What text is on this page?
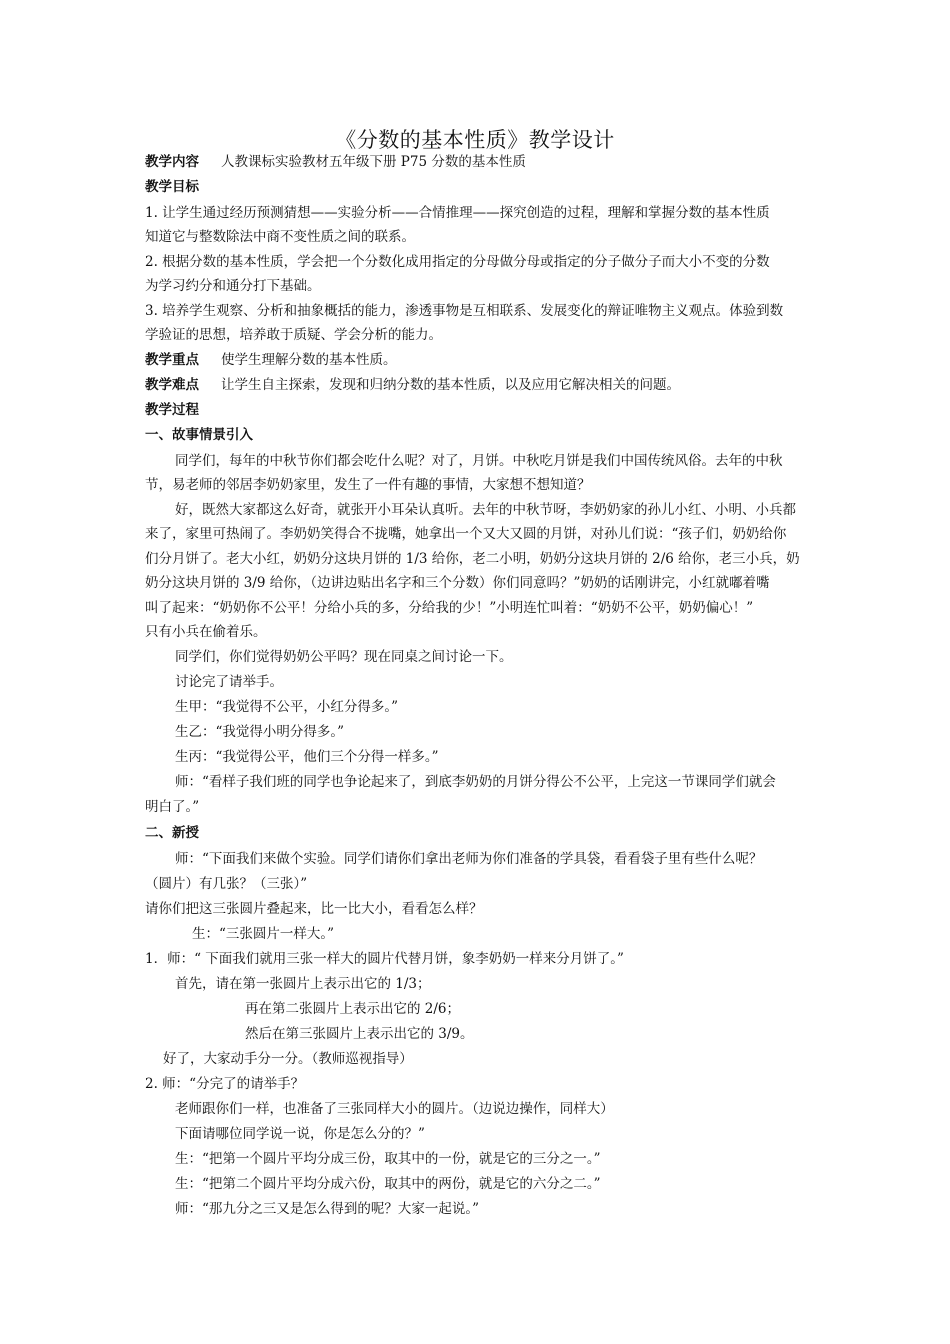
《分数的基本性质》教学设计
教学内容 人教课标实验教材五年级下册 P75 分数的基本性质
教学目标
1. 让学生通过经历预测猜想——实验分析——合情推理——探究创造的过程，理解和掌握分数的基本性质
知道它与整数除法中商不变性质之间的联系。
2. 根据分数的基本性质，学会把一个分数化成用指定的分母做分母或指定的分子做分子而大小不变的分数
为学习约分和通分打下基础。
3. 培养学生观察、分析和抽象概括的能力，渗透事物是互相联系、发展变化的辩证唯物主义观点。体验到数
学验证的思想，培养敢于质疑、学会分析的能力。
教学重点 使学生理解分数的基本性质。
教学难点 让学生自主探索，发现和归纳分数的基本性质，以及应用它解决相关的问题。
教学过程
一、故事情景引入
同学们，每年的中秋节你们都会吃什么呢？对了，月饼。中秋吃月饼是我们中国传统风俗。去年的中秋
节，易老师的邻居李奶奶家里，发生了一件有趣的事情，大家想不想知道？
好，既然大家都这么好奇，就张开小耳朵认真听。去年的中秋节呀，李奶奶家的孙儿小红、小明、小兵都
来了，家里可热闹了。李奶奶笑得合不拢嘴，她拿出一个又大又圆的月饼，对孙儿们说：“孩子们，奶奶给你
们分月饼了。老大小红，奶奶分这块月饼的 1/3 给你，老二小明，奶奶分这块月饼的 2/6 给你，老三小兵，奶
奶分这块月饼的 3/9 给你，（边讲边贴出名字和三个分数）你们同意吗？”奶奶的话刚讲完，小红就嘟着嘴
叫了起来：“奶奶你不公平！分给小兵的多，分给我的少！”小明连忙叫着：“奶奶不公平，奶奶偏心！”
只有小兵在偷着乐。
同学们，你们觉得奶奶公平吗？现在同桌之间讨论一下。
讨论完了请举手。
生甲：“我觉得不公平，小红分得多。”
生乙：“我觉得小明分得多。”
生丙：“我觉得公平，他们三个分得一样多。”
师：“看样子我们班的同学也争论起来了，到底李奶奶的月饼分得公不公平，上完这一节课同学们就会
明白了。”
二、新授
师：“下面我们来做个实验。同学们请你们拿出老师为你们准备的学具袋，看看袋子里有些什么呢？
（圆片）有几张？（三张）”
请你们把这三张圆片叠起来，比一比大小，看看怎么样？
生：“三张圆片一样大。”
1．师：“ 下面我们就用三张一样大的圆片代替月饼，象李奶奶一样来分月饼了。”
首先，请在第一张圆片上表示出它的 1/3；
再在第二张圆片上表示出它的 2/6；
然后在第三张圆片上表示出它的 3/9。
好了，大家动手分一分。（教师巡视指导）
2. 师：“分完了的请举手？
老师跟你们一样，也准备了三张同样大小的圆片。（边说边操作，同样大）
下面请哪位同学说一说，你是怎么分的？”
生：“把第一个圆片平均分成三份，取其中的一份，就是它的三分之一。”
生：“把第二个圆片平均分成六份，取其中的两份，就是它的六分之二。”
师：“那九分之三又是怎么得到的呢？大家一起说。”
